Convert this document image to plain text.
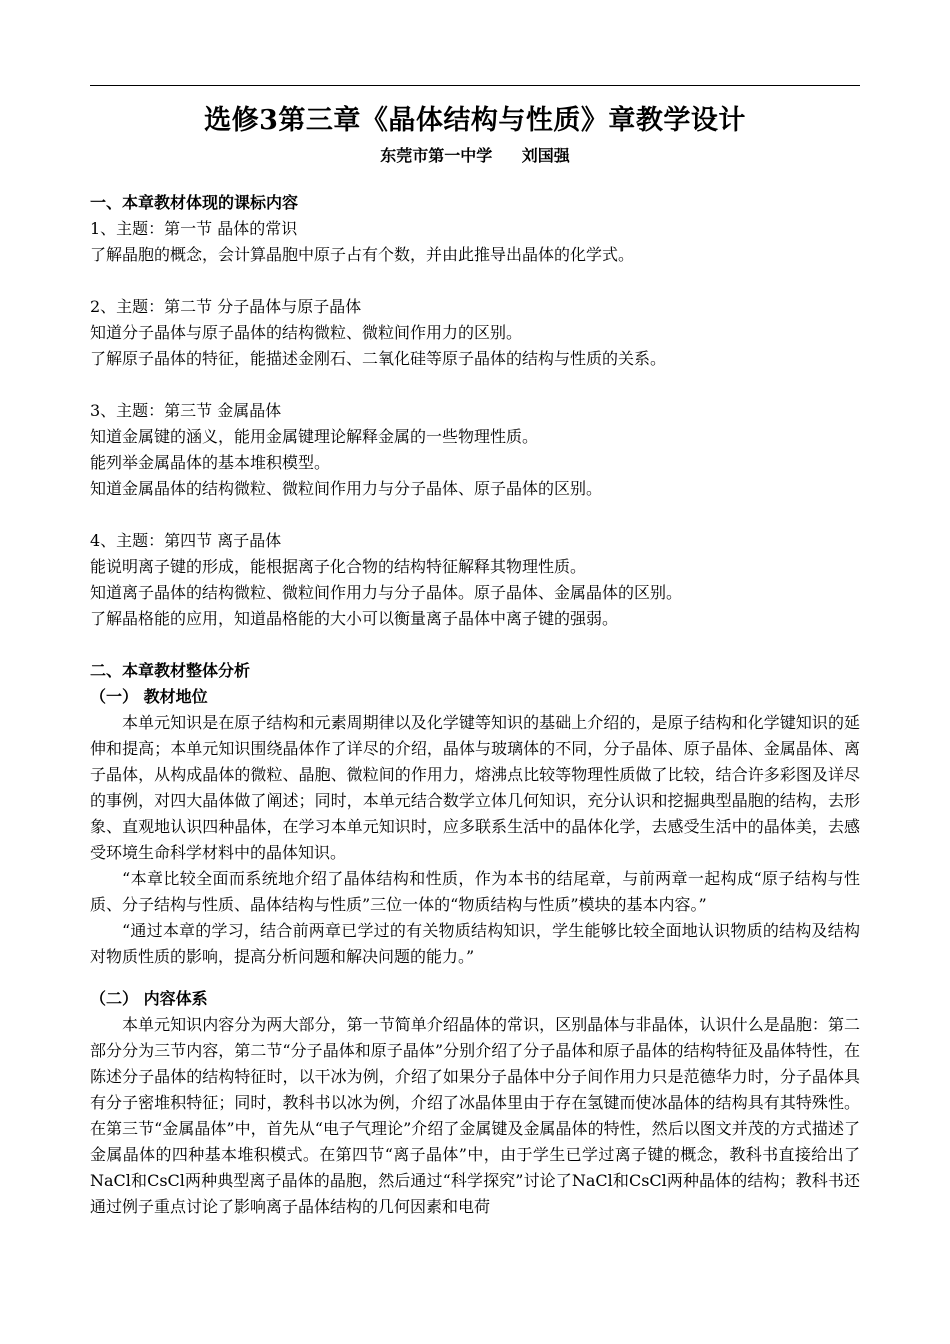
选修3第三章《晶体结构与性质》章教学设计
东莞市第一中学 刘国强

一、本章教材体现的课标内容

1、主题：第一节 晶体的常识

了解晶胞的概念，会计算晶胞中原子占有个数，并由此推导出晶体的化学式。

2、主题：第二节 分子晶体与原子晶体

知道分子晶体与原子晶体的结构微粒、微粒间作用力的区别。

了解原子晶体的特征，能描述金刚石、二氧化硅等原子晶体的结构与性质的关系。

3、主题：第三节 金属晶体

知道金属键的涵义，能用金属键理论解释金属的一些物理性质。

能列举金属晶体的基本堆积模型。

知道金属晶体的结构微粒、微粒间作用力与分子晶体、原子晶体的区别。

4、主题：第四节 离子晶体

能说明离子键的形成，能根据离子化合物的结构特征解释其物理性质。

知道离子晶体的结构微粒、微粒间作用力与分子晶体。原子晶体、金属晶体的区别。

了解晶格能的应用，知道晶格能的大小可以衡量离子晶体中离子键的强弱。

二、本章教材整体分析

（一） 教材地位

本单元知识是在原子结构和元素周期律以及化学键等知识的基础上介绍的，是原子结构和化学键知识的延伸和提高；本单元知识围绕晶体作了详尽的介绍，晶体与玻璃体的不同，分子晶体、原子晶体、金属晶体、离子晶体，从构成晶体的微粒、晶胞、微粒间的作用力，熔沸点比较等物理性质做了比较，结合许多彩图及详尽的事例，对四大晶体做了阐述；同时，本单元结合数学立体几何知识，充分认识和挖掘典型晶胞的结构，去形象、直观地认识四种晶体，在学习本单元知识时，应多联系生活中的晶体化学，去感受生活中的晶体美，去感受环境生命科学材料中的晶体知识。

“本章比较全面而系统地介绍了晶体结构和性质，作为本书的结尾章，与前两章一起构成“原子结构与性质、分子结构与性质、晶体结构与性质”三位一体的“物质结构与性质”模块的基本内容。”

“通过本章的学习，结合前两章已学过的有关物质结构知识，学生能够比较全面地认识物质的结构及结构对物质性质的影响，提高分析问题和解决问题的能力。”

（二） 内容体系

本单元知识内容分为两大部分，第一节简单介绍晶体的常识，区别晶体与非晶体，认识什么是晶胞：第二部分分为三节内容，第二节“分子晶体和原子晶体”分别介绍了分子晶体和原子晶体的结构特征及晶体特性，在陈述分子晶体的结构特征时，以干冰为例，介绍了如果分子晶体中分子间作用力只是范德华力时，分子晶体具有分子密堆积特征；同时，教科书以冰为例，介绍了冰晶体里由于存在氢键而使冰晶体的结构具有其特殊性。在第三节“金属晶体”中，首先从“电子气理论”介绍了金属键及金属晶体的特性，然后以图文并茂的方式描述了金属晶体的四种基本堆积模式。在第四节“离子晶体”中，由于学生已学过离子键的概念，教科书直接给出了NaCl和CsCl两种典型离子晶体的晶胞，然后通过“科学探究”讨论了NaCl和CsCl两种晶体的结构；教科书还通过例子重点讨论了影响离子晶体结构的几何因素和电荷
